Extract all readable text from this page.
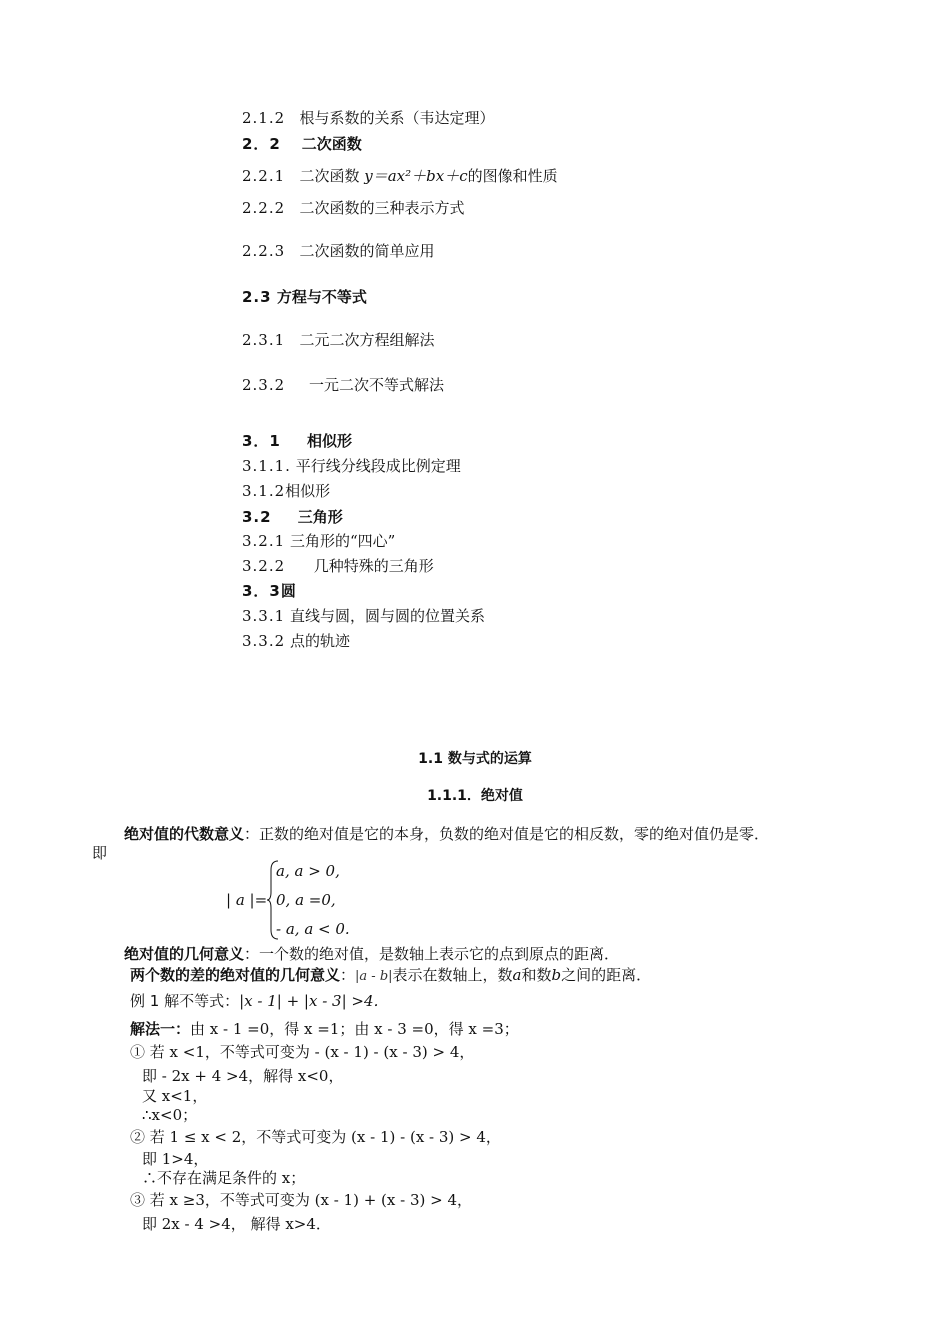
2.1.2 根与系数的关系（韦达定理）
2．2 二次函数
2.2.1 二次函数 y＝ax²＋bx＋c的图像和性质
2.2.2 二次函数的三种表示方式
2.2.3 二次函数的简单应用
2.3 方程与不等式
2.3.1 二元二次方程组解法
2.3.2 一元二次不等式解法
3．1 相似形
3.1.1. 平行线分线段成比例定理
3.1.2相似形
3.2 三角形
3.2.1 三角形的“四心”
3.2.2 几种特殊的三角形
3．3圆
3.3.1 直线与圆，圆与圆的位置关系
3.3.2 点的轨迹
1.1 数与式的运算
1.1.1．绝对值
绝对值的代数意义：正数的绝对值是它的本身，负数的绝对值是它的相反数，零的绝对值仍是零．
即
| a |=
a, a > 0,
0, a =0,
- a, a < 0.
绝对值的几何意义：一个数的绝对值，是数轴上表示它的点到原点的距离．
两个数的差的绝对值的几何意义：|a - b|表示在数轴上，数a和数b之间的距离．
例 1 解不等式：|x - 1| + |x - 3| >4．
解法一：由 x - 1 =0，得 x =1；由 x - 3 =0，得 x =3；
① 若 x <1，不等式可变为 - (x - 1) - (x - 3) > 4，
即 - 2x + 4 >4，解得 x<0，
又 x<1，
∴x<0；
② 若 1 ≤ x < 2，不等式可变为 (x - 1) - (x - 3) > 4，
即 1>4，
∴不存在满足条件的 x；
③ 若 x ≥3，不等式可变为 (x - 1) + (x - 3) > 4，
即 2x - 4 >4， 解得 x>4．
